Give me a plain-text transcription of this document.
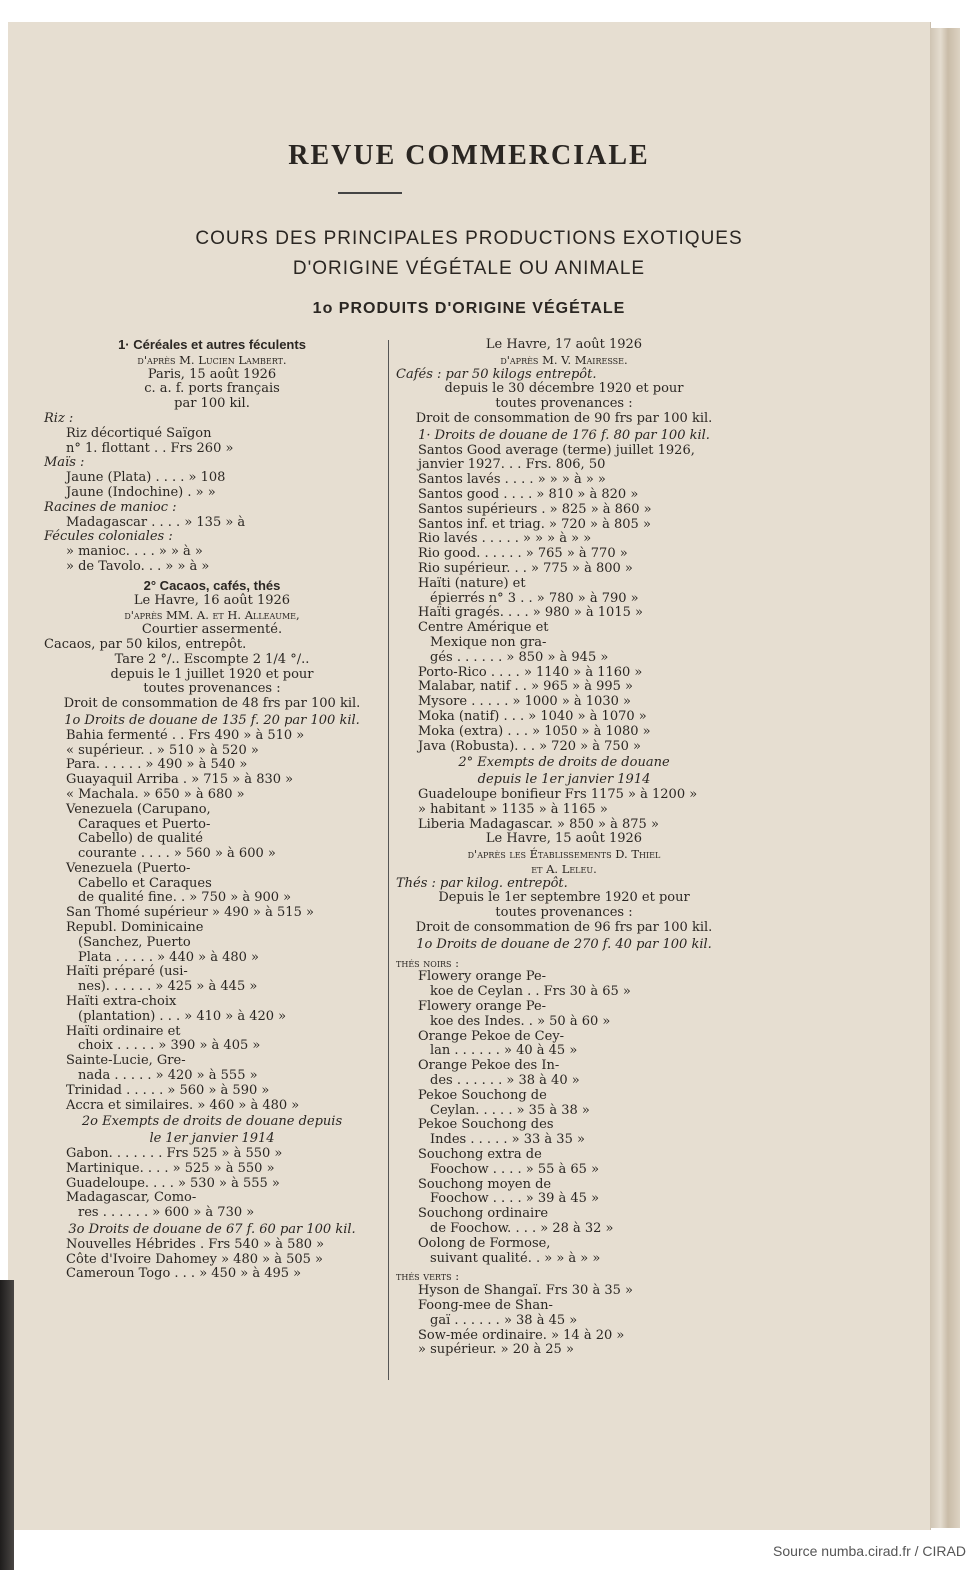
REVUE COMMERCIALE
COURS DES PRINCIPALES PRODUCTIONS EXOTIQUES
D'ORIGINE VÉGÉTALE OU ANIMALE
1o PRODUITS D'ORIGINE VÉGÉTALE
1· Céréales et autres féculents
d'après M. Lucien Lambert.
Paris, 15 août 1926
c. a. f. ports français
par 100 kil.
Riz :
Riz décortiqué Saïgon
n° 1. flottant . . Frs 260 »
Maïs :
Jaune (Plata) . . . . » 108
Jaune (Indochine) . » »
Racines de manioc :
Madagascar . . . . » 135 » à
Fécules coloniales :
» manioc. . . . » » à »
» de Tavolo. . . » » à »
2° Cacaos, cafés, thés
Le Havre, 16 août 1926
d'après MM. A. et H. Alleaume,
Courtier assermenté.
Cacaos, par 50 kilos, entrepôt.
Tare 2 °/.. Escompte 2 1/4 °/..
depuis le 1 juillet 1920 et pour
toutes provenances :
Droit de consommation de 48 frs par 100 kil.
1o Droits de douane de 135 f. 20 par 100 kil.
Bahia fermenté . . Frs 490 » à 510 »
« supérieur. . » 510 » à 520 »
Para. . . . . . » 490 » à 540 »
Guayaquil Arriba . » 715 » à 830 »
« Machala. » 650 » à 680 »
Venezuela (Carupano,
Caraques et Puerto-
Cabello) de qualité
courante . . . . » 560 » à 600 »
Venezuela (Puerto-
Cabello et Caraques
de qualité fine. . » 750 » à 900 »
San Thomé supérieur » 490 » à 515 »
Republ. Dominicaine
(Sanchez, Puerto
Plata . . . . . » 440 » à 480 »
Haïti préparé (usi-
nes). . . . . . » 425 » à 445 »
Haïti extra-choix
(plantation) . . . » 410 » à 420 »
Haïti ordinaire et
choix . . . . . » 390 » à 405 »
Sainte-Lucie, Gre-
nada . . . . . » 420 » à 555 »
Trinidad . . . . . » 560 » à 590 »
Accra et similaires. » 460 » à 480 »
2o Exempts de droits de douane depuis
le 1er janvier 1914
Gabon. . . . . . . Frs 525 » à 550 »
Martinique. . . . » 525 » à 550 »
Guadeloupe. . . . » 530 » à 555 »
Madagascar, Como-
res . . . . . . » 600 » à 730 »
3o Droits de douane de 67 f. 60 par 100 kil.
Nouvelles Hébrides . Frs 540 » à 580 »
Côte d'Ivoire Dahomey » 480 » à 505 »
Cameroun Togo . . . » 450 » à 495 »
Le Havre, 17 août 1926
d'après M. V. Mairesse.
Cafés : par 50 kilogs entrepôt.
depuis le 30 décembre 1920 et pour
toutes provenances :
Droit de consommation de 90 frs par 100 kil.
1· Droits de douane de 176 f. 80 par 100 kil.
Santos Good average (terme) juillet 1926,
janvier 1927. . . Frs. 806, 50
Santos lavés . . . . » » » à » »
Santos good . . . . » 810 » à 820 »
Santos supérieurs . » 825 » à 860 »
Santos inf. et triag. » 720 » à 805 »
Rio lavés . . . . . » » » à » »
Rio good. . . . . . » 765 » à 770 »
Rio supérieur. . . » 775 » à 800 »
Haïti (nature) et
épierrés n° 3 . . » 780 » à 790 »
Haïti gragés. . . . » 980 » à 1015 »
Centre Amérique et
Mexique non gra-
gés . . . . . . » 850 » à 945 »
Porto-Rico . . . . » 1140 » à 1160 »
Malabar, natif . . » 965 » à 995 »
Mysore . . . . . » 1000 » à 1030 »
Moka (natif) . . . » 1040 » à 1070 »
Moka (extra) . . . » 1050 » à 1080 »
Java (Robusta). . . » 720 » à 750 »
2° Exempts de droits de douane
depuis le 1er janvier 1914
Guadeloupe bonifieur Frs 1175 » à 1200 »
» habitant » 1135 » à 1165 »
Liberia Madagascar. » 850 » à 875 »
Le Havre, 15 août 1926
d'après les Établissements D. Thiel
et A. Leleu.
Thés : par kilog. entrepôt.
Depuis le 1er septembre 1920 et pour
toutes provenances :
Droit de consommation de 96 frs par 100 kil.
1o Droits de douane de 270 f. 40 par 100 kil.
thés noirs :
Flowery orange Pe-
koe de Ceylan . . Frs 30 à 65 »
Flowery orange Pe-
koe des Indes. . » 50 à 60 »
Orange Pekoe de Cey-
lan . . . . . . » 40 à 45 »
Orange Pekoe des In-
des . . . . . . » 38 à 40 »
Pekoe Souchong de
Ceylan. . . . . » 35 à 38 »
Pekoe Souchong des
Indes . . . . . » 33 à 35 »
Souchong extra de
Foochow . . . . » 55 à 65 »
Souchong moyen de
Foochow . . . . » 39 à 45 »
Souchong ordinaire
de Foochow. . . . » 28 à 32 »
Oolong de Formose,
suivant qualité. . » » à » »
thés verts :
Hyson de Shangaï. Frs 30 à 35 »
Foong-mee de Shan-
gaï . . . . . . » 38 à 45 »
Sow-mée ordinaire. » 14 à 20 »
» supérieur. » 20 à 25 »
Source numba.cirad.fr / CIRAD
